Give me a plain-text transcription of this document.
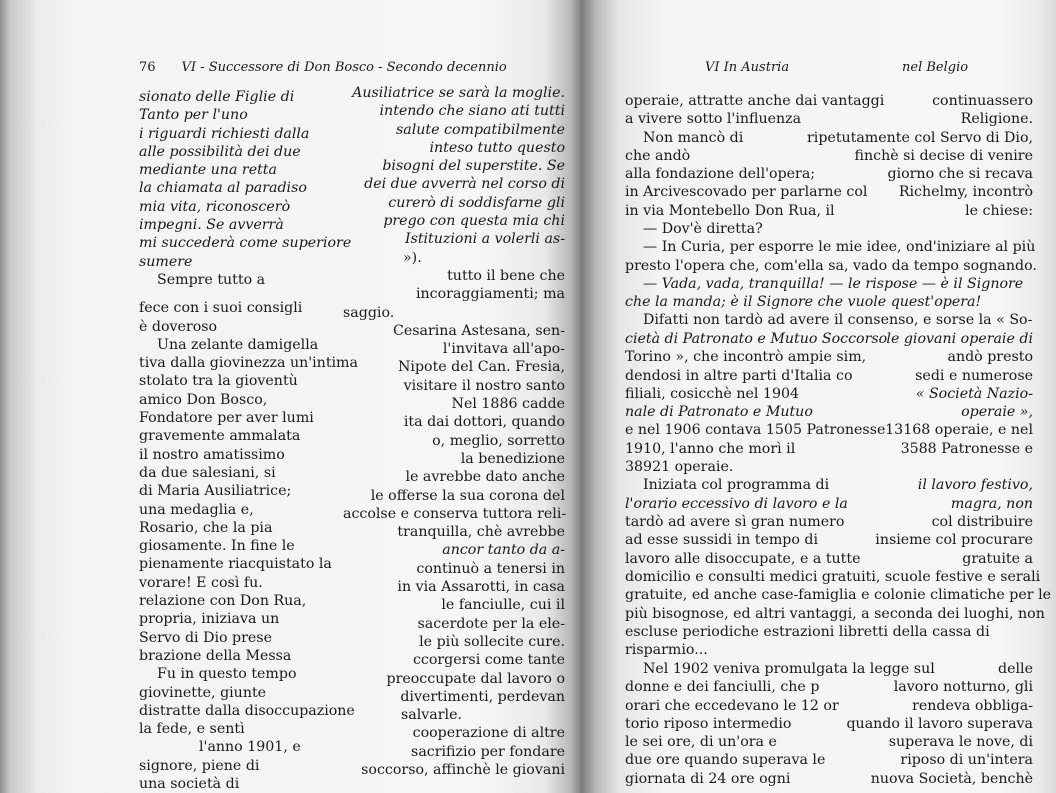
76 VI - Successore di Don Bosco - Secondo decennio
sionato delle Figlie di
Tanto per l'uno
i riguardi richiesti dalla
alle possibilità dei due
mediante una retta
la chiamata al paradiso
mia vita, riconoscerò
impegni. Se avverrà
mi succederà come superiore
sumere
Sempre tutto a
fece con i suoi consigli
è doveroso
Una zelante damigella
tiva dalla giovinezza un'intima
stolato tra la gioventù
amico Don Bosco,
Fondatore per aver lumi
gravemente ammalata
il nostro amatissimo
da due salesiani, si
di Maria Ausiliatrice;
una medaglia e,
Rosario, che la pia
giosamente. In fine le
pienamente riacquistato la
vorare! E così fu.
relazione con Don Rua,
propria, iniziava un
Servo di Dio prese
brazione della Messa
Fu in questo tempo
giovinette, giunte
distratte dalla disoccupazione
la fede, e sentì
l'anno 1901, e
signore, piene di
una società di
Ausiliatrice se sarà la moglie.
intendo che siano ati tutti
salute compatibilmente
inteso tutto questo
bisogni del superstite. Se
dei due avverrà nel corso di
curerò di soddisfarne gli
prego con questa mia chi
Istituzioni a volerli as-
»).
tutto il bene che
incoraggiamenti; ma
saggio.
Cesarina Astesana, sen-
l'invitava all'apo-
Nipote del Can. Fresia,
visitare il nostro santo
Nel 1886 cadde
ita dai dottori, quando
o, meglio, sorretto
la benedizione
le avrebbe dato anche
le offerse la sua corona del
accolse e conserva tuttora reli-
tranquilla, chè avrebbe
ancor tanto da a-
continuò a tenersi in
in via Assarotti, in casa
le fanciulle, cui il
sacerdote per la ele-
le più sollecite cure.
ccorgersi come tante
preoccupate dal lavoro o
divertimenti, perdevan
salvarle.
cooperazione di altre
sacrifizio per fondare
soccorso, affinchè le giovani
VI In Austria	nel Belgio
operaie, attratte anche dai vantaggi
a vivere sotto l'influenza
Non mancò di
che andò
alla fondazione dell'opera;
in Arcivescovado per parlarne col
in via Montebello Don Rua, il
continuassero
Religione.
ripetutamente col Servo di Dio,
finchè si decise di venire
giorno che si recava
Richelmy, incontrò
le chiese:
— Dov'è diretta?
— In Curia, per esporre le mie idee, ond'iniziare al più
presto l'opera che, com'ella sa, vado da tempo sognando.
— Vada, vada, tranquilla! — le rispose — è il Signore
che la manda; è il Signore che vuole quest'opera!
Difatti non tardò ad avere il consenso, e sorse la « So-
cietà di Patronato e Mutuo Soccorso
Torino », che incontrò ampie sim,
dendosi in altre parti d'Italia co
filiali, cosicchè nel 1904
nale di Patronato e Mutuo
e nel 1906 contava 1505 Patronesse
1910, l'anno che morì il
38921 operaie.
Iniziata col programma di
l'orario eccessivo di lavoro e la
tardò ad avere sì gran numero
ad esse sussidi in tempo di
lavoro alle disoccupate, e a tutte
le giovani operaie di
andò presto
sedi e numerose
« Società Nazio-
operaie »,
13168 operaie, e nel
3588 Patronesse e

il lavoro festivo,
magra, non
col distribuire
insieme col procurare
gratuite a
domicilio e consulti medici gratuiti, scuole festive e serali
gratuite, ed anche case-famiglia e colonie climatiche per le
più bisognose, ed altri vantaggi, a seconda dei luoghi, non
escluse periodiche estrazioni libretti della cassa di
risparmio...
Nel 1902 veniva promulgata la legge sul
donne e dei fanciulli, che p
orari che eccedevano le 12 or
torio riposo intermedio
le sei ore, di un'ora e
due ore quando superava le
giornata di 24 ore ogni
delle
lavoro notturno, gli
rendeva obbliga-
quando il lavoro superava
superava le nove, di
riposo di un'intera
nuova Società, benchè
